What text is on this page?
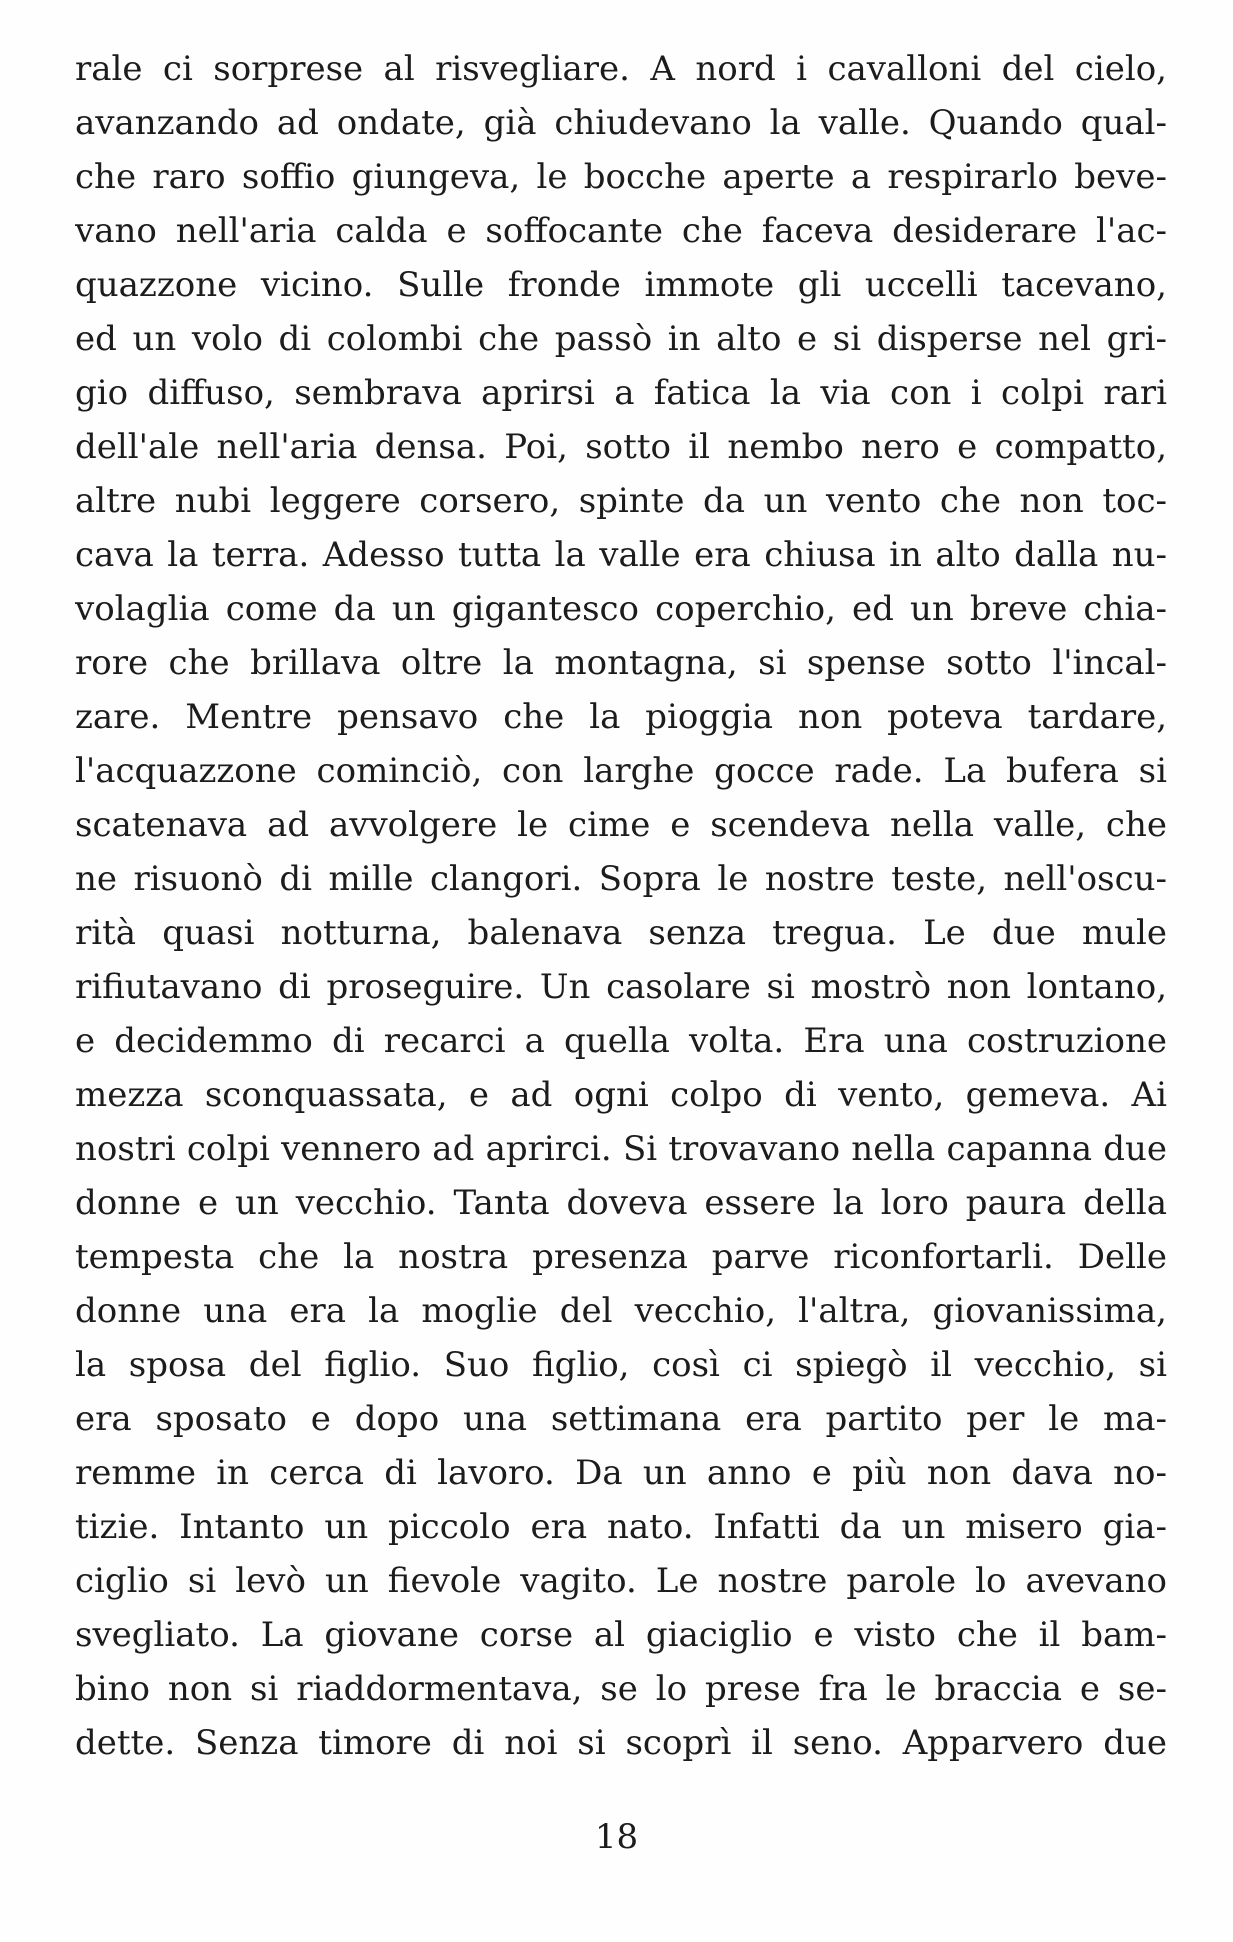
rale ci sorprese al risvegliare. A nord i cavalloni del cielo,
avanzando ad ondate, già chiudevano la valle. Quando qual-
che raro soffio giungeva, le bocche aperte a respirarlo beve-
vano nell'aria calda e soffocante che faceva desiderare l'ac-
quazzone vicino. Sulle fronde immote gli uccelli tacevano,
ed un volo di colombi che passò in alto e si disperse nel gri-
gio diffuso, sembrava aprirsi a fatica la via con i colpi rari
dell'ale nell'aria densa. Poi, sotto il nembo nero e compatto,
altre nubi leggere corsero, spinte da un vento che non toc-
cava la terra. Adesso tutta la valle era chiusa in alto dalla nu-
volaglia come da un gigantesco coperchio, ed un breve chia-
rore che brillava oltre la montagna, si spense sotto l'incal-
zare. Mentre pensavo che la pioggia non poteva tardare,
l'acquazzone cominciò, con larghe gocce rade. La bufera si
scatenava ad avvolgere le cime e scendeva nella valle, che
ne risuonò di mille clangori. Sopra le nostre teste, nell'oscu-
rità quasi notturna, balenava senza tregua. Le due mule
rifiutavano di proseguire. Un casolare si mostrò non lontano,
e decidemmo di recarci a quella volta. Era una costruzione
mezza sconquassata, e ad ogni colpo di vento, gemeva. Ai
nostri colpi vennero ad aprirci. Si trovavano nella capanna due
donne e un vecchio. Tanta doveva essere la loro paura della
tempesta che la nostra presenza parve riconfortarli. Delle
donne una era la moglie del vecchio, l'altra, giovanissima,
la sposa del figlio. Suo figlio, così ci spiegò il vecchio, si
era sposato e dopo una settimana era partito per le ma-
remme in cerca di lavoro. Da un anno e più non dava no-
tizie. Intanto un piccolo era nato. Infatti da un misero gia-
ciglio si levò un fievole vagito. Le nostre parole lo avevano
svegliato. La giovane corse al giaciglio e visto che il bam-
bino non si riaddormentava, se lo prese fra le braccia e se-
dette. Senza timore di noi si scoprì il seno. Apparvero due
18
